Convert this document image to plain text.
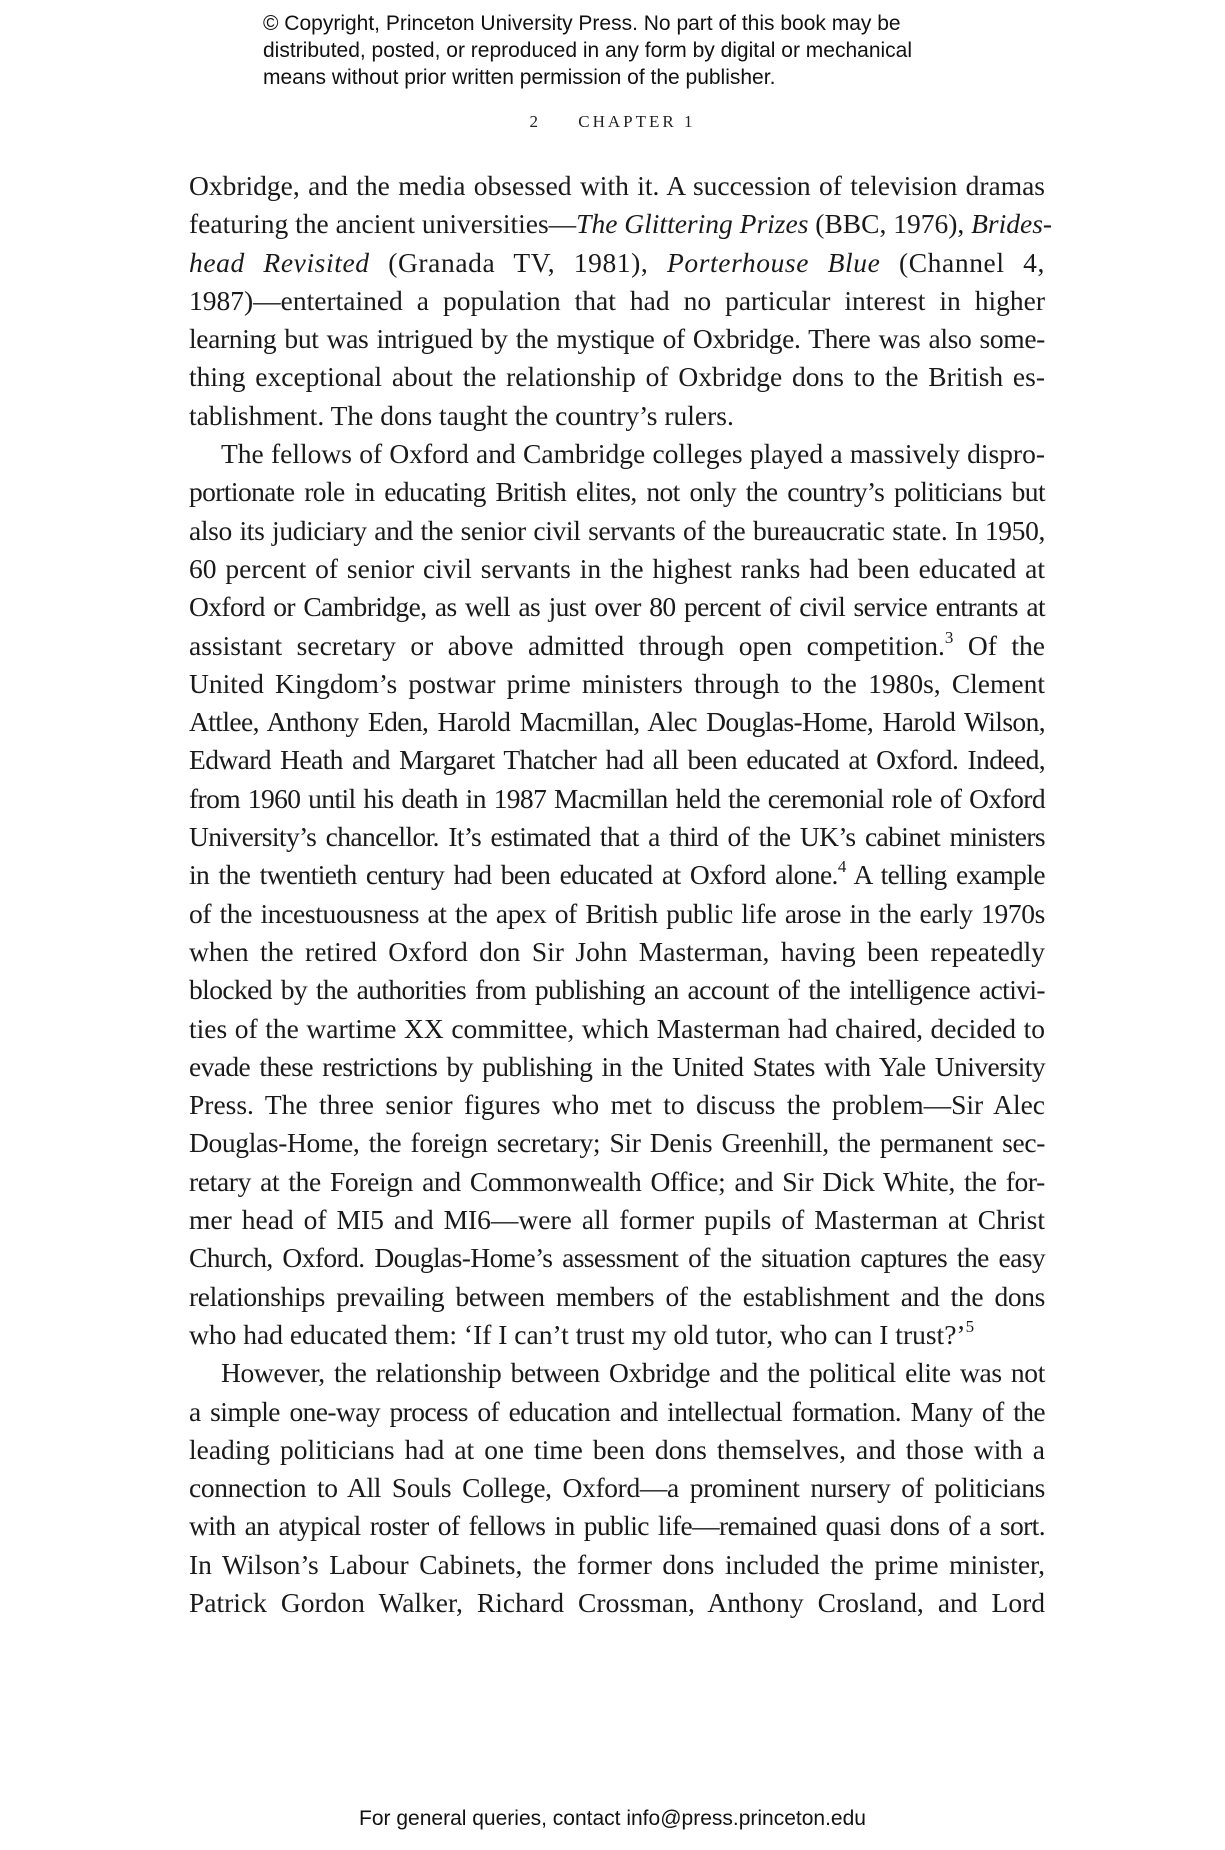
© Copyright, Princeton University Press. No part of this book may be
distributed, posted, or reproduced in any form by digital or mechanical
means without prior written permission of the publisher.
2 CHAPTER 1
Oxbridge, and the media obsessed with it. A succession of television dramas
featuring the ancient universities—The Glittering Prizes (BBC, 1976), Brides-
head Revisited (Granada TV, 1981), Porterhouse Blue (Channel 4,
1987)—entertained a population that had no particular interest in higher
learning but was intrigued by the mystique of Oxbridge. There was also some-
thing exceptional about the relationship of Oxbridge dons to the British es-
tablishment. The dons taught the country’s rulers.
The fellows of Oxford and Cambridge colleges played a massively dispro-
portionate role in educating British elites, not only the country’s politicians but
also its judiciary and the senior civil servants of the bureaucratic state. In 1950,
60 percent of senior civil servants in the highest ranks had been educated at
Oxford or Cambridge, as well as just over 80 percent of civil service entrants at
assistant secretary or above admitted through open competition.$^3$ Of the
United Kingdom’s postwar prime ministers through to the 1980s, Clement
Attlee, Anthony Eden, Harold Macmillan, Alec Douglas-Home, Harold Wilson,
Edward Heath and Margaret Thatcher had all been educated at Oxford. Indeed,
from 1960 until his death in 1987 Macmillan held the ceremonial role of Oxford
University’s chancellor. It’s estimated that a third of the UK’s cabinet ministers
in the twentieth century had been educated at Oxford alone.$^4$ A telling example
of the incestuousness at the apex of British public life arose in the early 1970s
when the retired Oxford don Sir John Masterman, having been repeatedly
blocked by the authorities from publishing an account of the intelligence activi-
ties of the wartime XX committee, which Masterman had chaired, decided to
evade these restrictions by publishing in the United States with Yale University
Press. The three senior figures who met to discuss the problem—Sir Alec
Douglas-Home, the foreign secretary; Sir Denis Greenhill, the permanent sec-
retary at the Foreign and Commonwealth Office; and Sir Dick White, the for-
mer head of MI5 and MI6—were all former pupils of Masterman at Christ
Church, Oxford. Douglas-Home’s assessment of the situation captures the easy
relationships prevailing between members of the establishment and the dons
who had educated them: ‘If I can’t trust my old tutor, who can I trust?’$^5$
However, the relationship between Oxbridge and the political elite was not
a simple one-way process of education and intellectual formation. Many of the
leading politicians had at one time been dons themselves, and those with a
connection to All Souls College, Oxford—a prominent nursery of politicians
with an atypical roster of fellows in public life—remained quasi dons of a sort.
In Wilson’s Labour Cabinets, the former dons included the prime minister,
Patrick Gordon Walker, Richard Crossman, Anthony Crosland, and Lord
For general queries, contact info@press.princeton.edu
